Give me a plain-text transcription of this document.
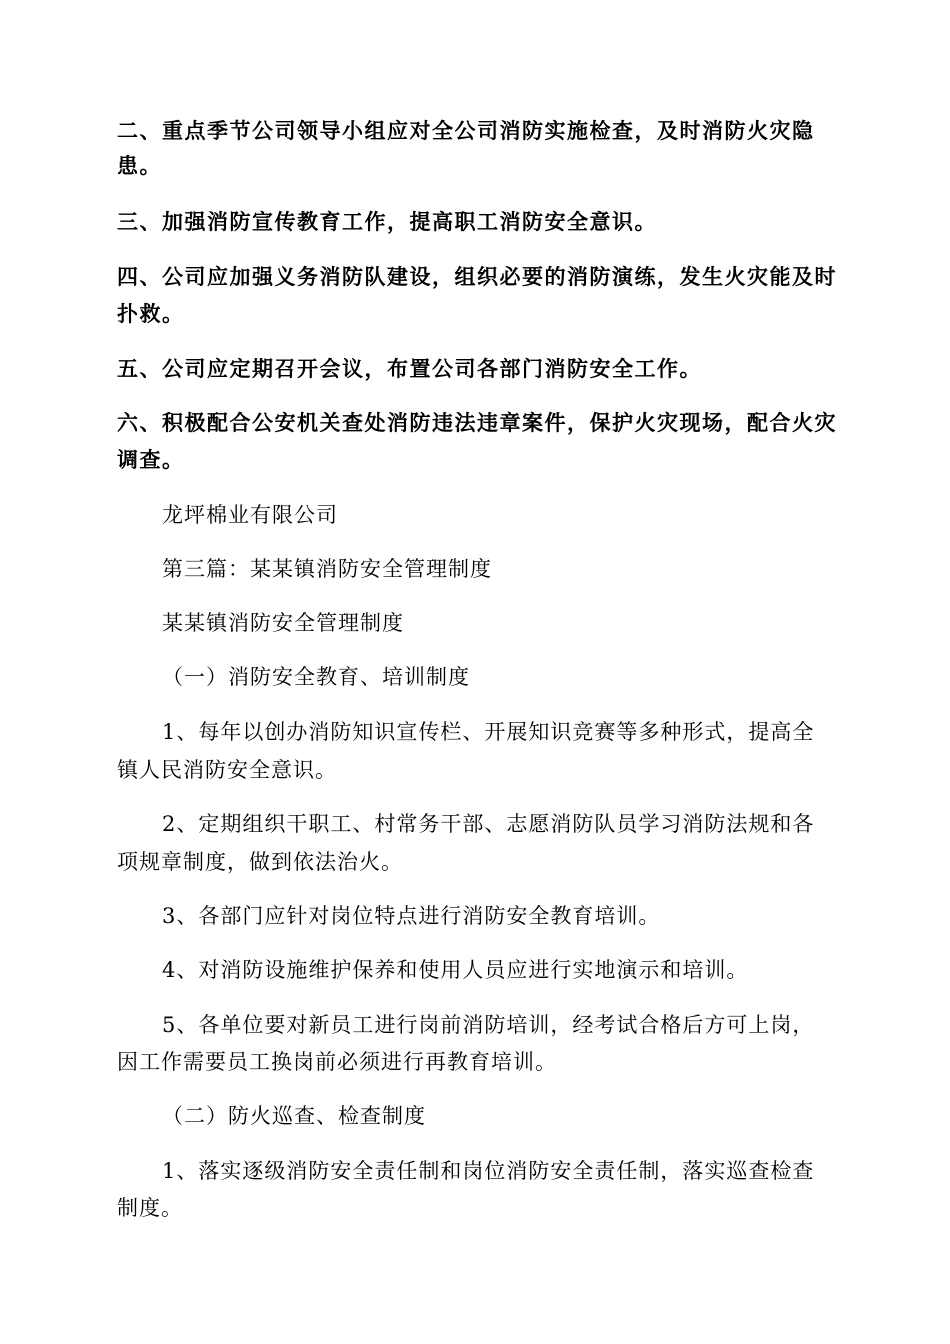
二、重点季节公司领导小组应对全公司消防实施检查，及时消防火灾隐

患。

三、加强消防宣传教育工作，提高职工消防安全意识。

四、公司应加强义务消防队建设，组织必要的消防演练，发生火灾能及时

扑救。

五、公司应定期召开会议，布置公司各部门消防安全工作。

六、积极配合公安机关查处消防违法违章案件，保护火灾现场，配合火灾

调查。

龙坪棉业有限公司

第三篇：某某镇消防安全管理制度

某某镇消防安全管理制度

（一）消防安全教育、培训制度

1、每年以创办消防知识宣传栏、开展知识竞赛等多种形式，提高全

镇人民消防安全意识。

2、定期组织干职工、村常务干部、志愿消防队员学习消防法规和各

项规章制度，做到依法治火。

3、各部门应针对岗位特点进行消防安全教育培训。

4、对消防设施维护保养和使用人员应进行实地演示和培训。

5、各单位要对新员工进行岗前消防培训，经考试合格后方可上岗，

因工作需要员工换岗前必须进行再教育培训。

（二）防火巡查、检查制度

1、落实逐级消防安全责任制和岗位消防安全责任制，落实巡查检查

制度。
